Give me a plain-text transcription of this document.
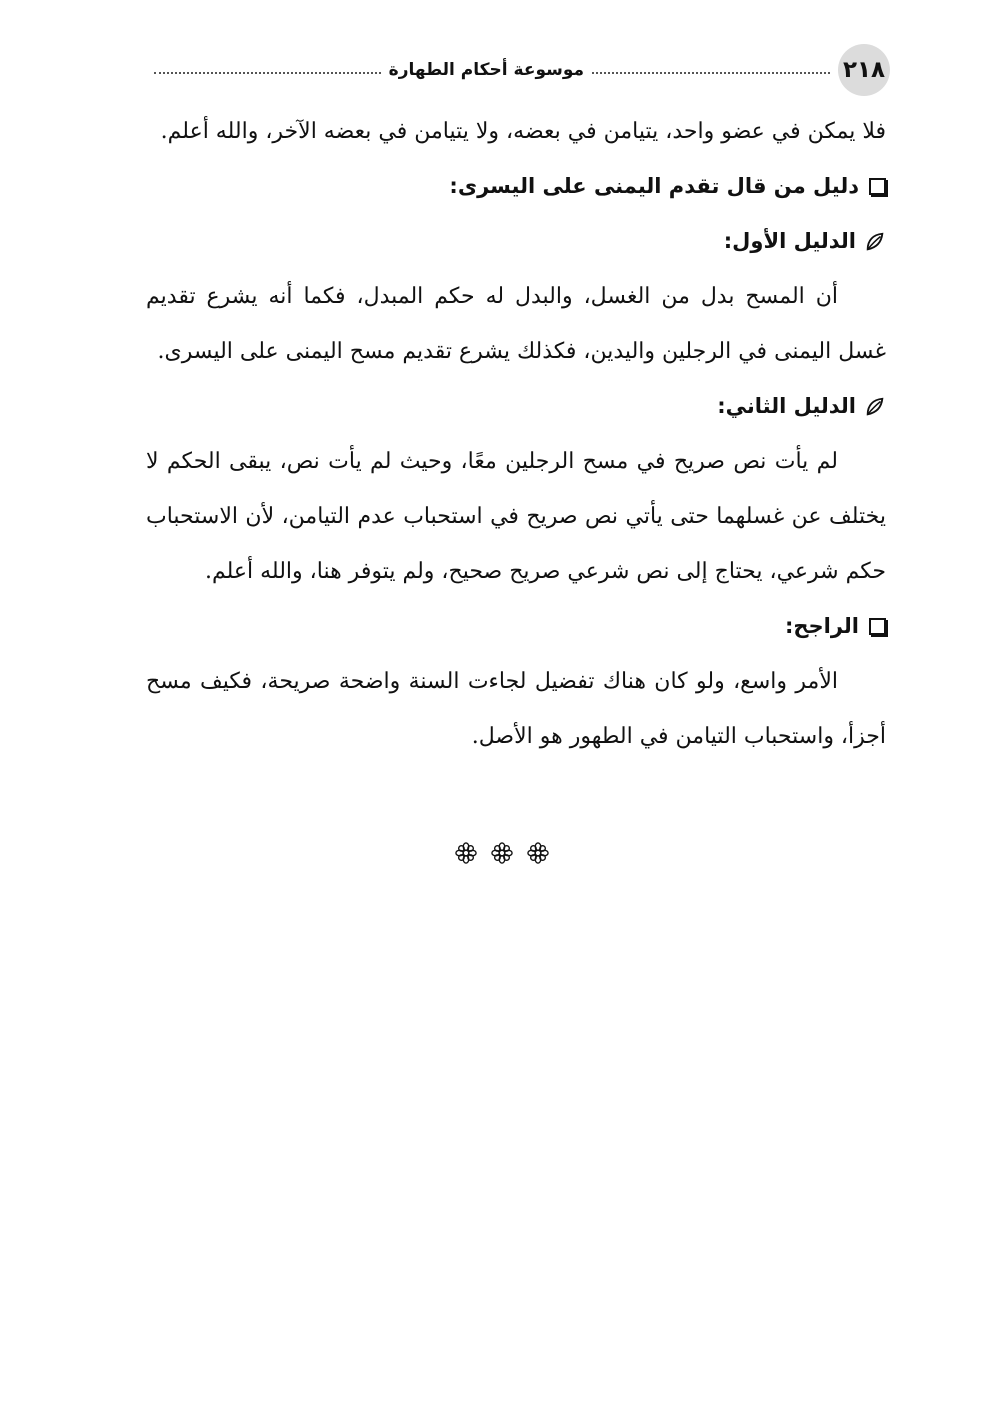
٢١٨
موسوعة أحكام الطهارة

فلا يمكن في عضو واحد، يتيامن في بعضه، ولا يتيامن في بعضه الآخر، والله أعلم.

دليل من قال تقدم اليمنى على اليسرى:
الدليل الأول:

أن المسح بدل من الغسل، والبدل له حكم المبدل، فكما أنه يشرع تقديم غسل اليمنى في الرجلين واليدين، فكذلك يشرع تقديم مسح اليمنى على اليسرى.

الدليل الثاني:

لم يأت نص صريح في مسح الرجلين معًا، وحيث لم يأت نص، يبقى الحكم لا يختلف عن غسلهما حتى يأتي نص صريح في استحباب عدم التيامن، لأن الاستحباب حكم شرعي، يحتاج إلى نص شرعي صريح صحيح، ولم يتوفر هنا، والله أعلم.

الراجح:

الأمر واسع، ولو كان هناك تفضيل لجاءت السنة واضحة صريحة، فكيف مسح أجزأ، واستحباب التيامن في الطهور هو الأصل.
